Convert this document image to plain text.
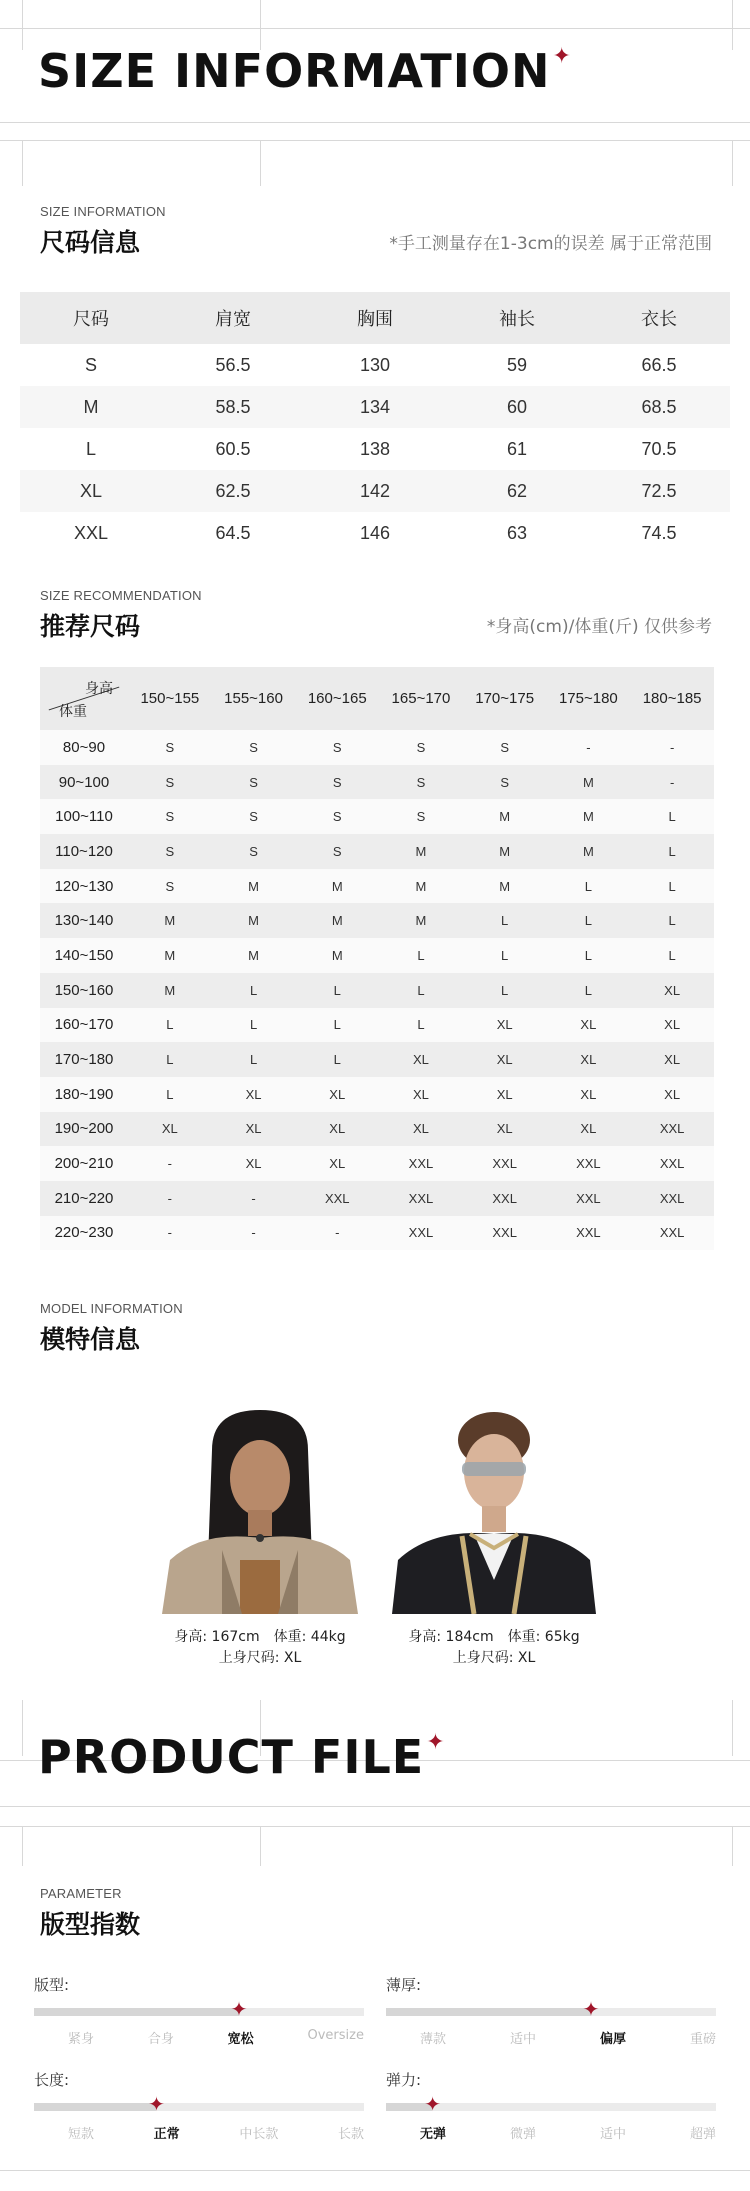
SIZE INFORMATION✦
SIZE INFORMATION
尺码信息	*手工测量存在1-3cm的误差 属于正常范围
尺码	肩宽	胸围	袖长	衣长
S	56.5	130	59	66.5
M	58.5	134	60	68.5
L	60.5	138	61	70.5
XL	62.5	142	62	72.5
XXL	64.5	146	63	74.5
SIZE RECOMMENDATION
推荐尺码	*身高(cm)/体重(斤) 仅供参考
身高
体重	150~155	155~160	160~165	165~170	170~175	175~180	180~185
80~90	S	S	S	S	S	-	-
90~100	S	S	S	S	S	M	-
100~110	S	S	S	S	M	M	L
110~120	S	S	S	M	M	M	L
120~130	S	M	M	M	M	L	L
130~140	M	M	M	M	L	L	L
140~150	M	M	M	L	L	L	L
150~160	M	L	L	L	L	L	XL
160~170	L	L	L	L	XL	XL	XL
170~180	L	L	L	XL	XL	XL	XL
180~190	L	XL	XL	XL	XL	XL	XL
190~200	XL	XL	XL	XL	XL	XL	XXL
200~210	-	XL	XL	XXL	XXL	XXL	XXL
210~220	-	-	XXL	XXL	XXL	XXL	XXL
220~230	-	-	-	XXL	XXL	XXL	XXL
MODEL INFORMATION
模特信息
身高: 167cm　体重: 44kg
上身尺码: XL
身高: 184cm　体重: 65kg
上身尺码: XL
PRODUCT FILE✦
PARAMETER
版型指数
版型:
✦
紧身	合身	宽松	Oversize
薄厚:
✦
薄款	适中	偏厚	重磅
长度:
✦
短款	正常	中长款	长款
弹力:
✦
无弹	微弹	适中	超弹
